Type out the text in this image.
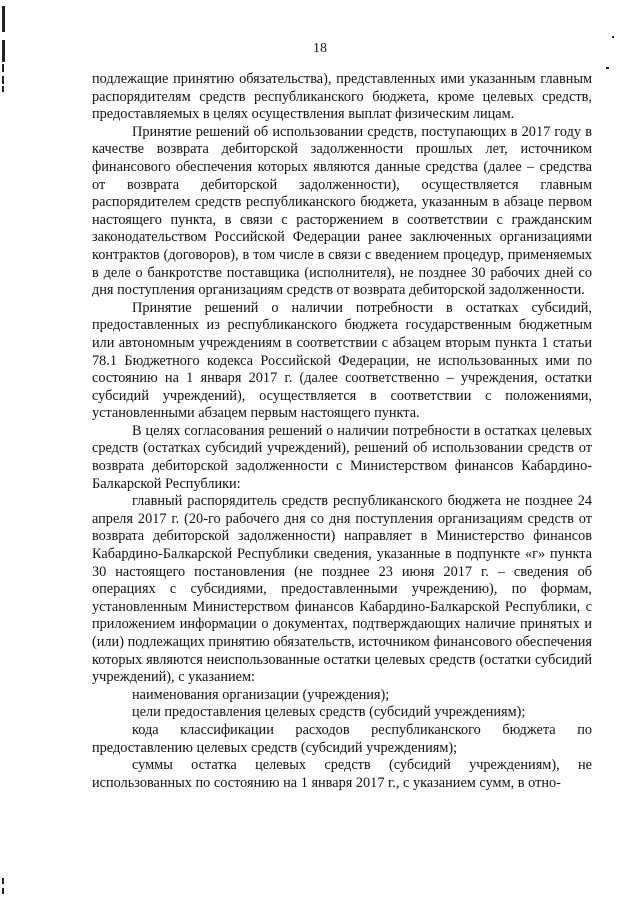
18

подлежащие принятию обязательства), представленных ими указанным главным распорядителям средств республиканского бюджета, кроме целевых средств, предоставляемых в целях осуществления выплат физическим лицам.

Принятие решений об использовании средств, поступающих в 2017 году в качестве возврата дебиторской задолженности прошлых лет, источником финансового обеспечения которых являются данные средства (далее – средства от возврата дебиторской задолженности), осуществляется главным распорядителем средств республиканского бюджета, указанным в абзаце первом настоящего пункта, в связи с расторжением в соответствии с гражданским законодательством Российской Федерации ранее заключенных организациями контрактов (договоров), в том числе в связи с введением процедур, применяемых в деле о банкротстве поставщика (исполнителя), не позднее 30 рабочих дней со дня поступления организациям средств от возврата дебиторской задолженности.

Принятие решений о наличии потребности в остатках субсидий, предоставленных из республиканского бюджета государственным бюджетным или автономным учреждениям в соответствии с абзацем вторым пункта 1 статьи 78.1 Бюджетного кодекса Российской Федерации, не использованных ими по состоянию на 1 января 2017 г. (далее соответственно – учреждения, остатки субсидий учреждений), осуществляется в соответствии с положениями, установленными абзацем первым настоящего пункта.

В целях согласования решений о наличии потребности в остатках целевых средств (остатках субсидий учреждений), решений об использовании средств от возврата дебиторской задолженности с Министерством финансов Кабардино-Балкарской Республики:

главный распорядитель средств республиканского бюджета не позднее 24 апреля 2017 г. (20-го рабочего дня со дня поступления организациям средств от возврата дебиторской задолженности) направляет в Министерство финансов Кабардино-Балкарской Республики сведения, указанные в подпункте «г» пункта 30 настоящего постановления (не позднее 23 июня 2017 г. – сведения об операциях с субсидиями, предоставленными учреждению), по формам, установленным Министерством финансов Кабардино-Балкарской Республики, с приложением информации о документах, подтверждающих наличие принятых и (или) подлежащих принятию обязательств, источником финансового обеспечения которых являются неиспользованные остатки целевых средств (остатки субсидий учреждений), с указанием:

наименования организации (учреждения);

цели предоставления целевых средств (субсидий учреждениям);

кода классификации расходов республиканского бюджета по предоставлению целевых средств (субсидий учреждениям);

суммы остатка целевых средств (субсидий учреждениям), не использованных по состоянию на 1 января 2017 г., с указанием сумм, в отно-
